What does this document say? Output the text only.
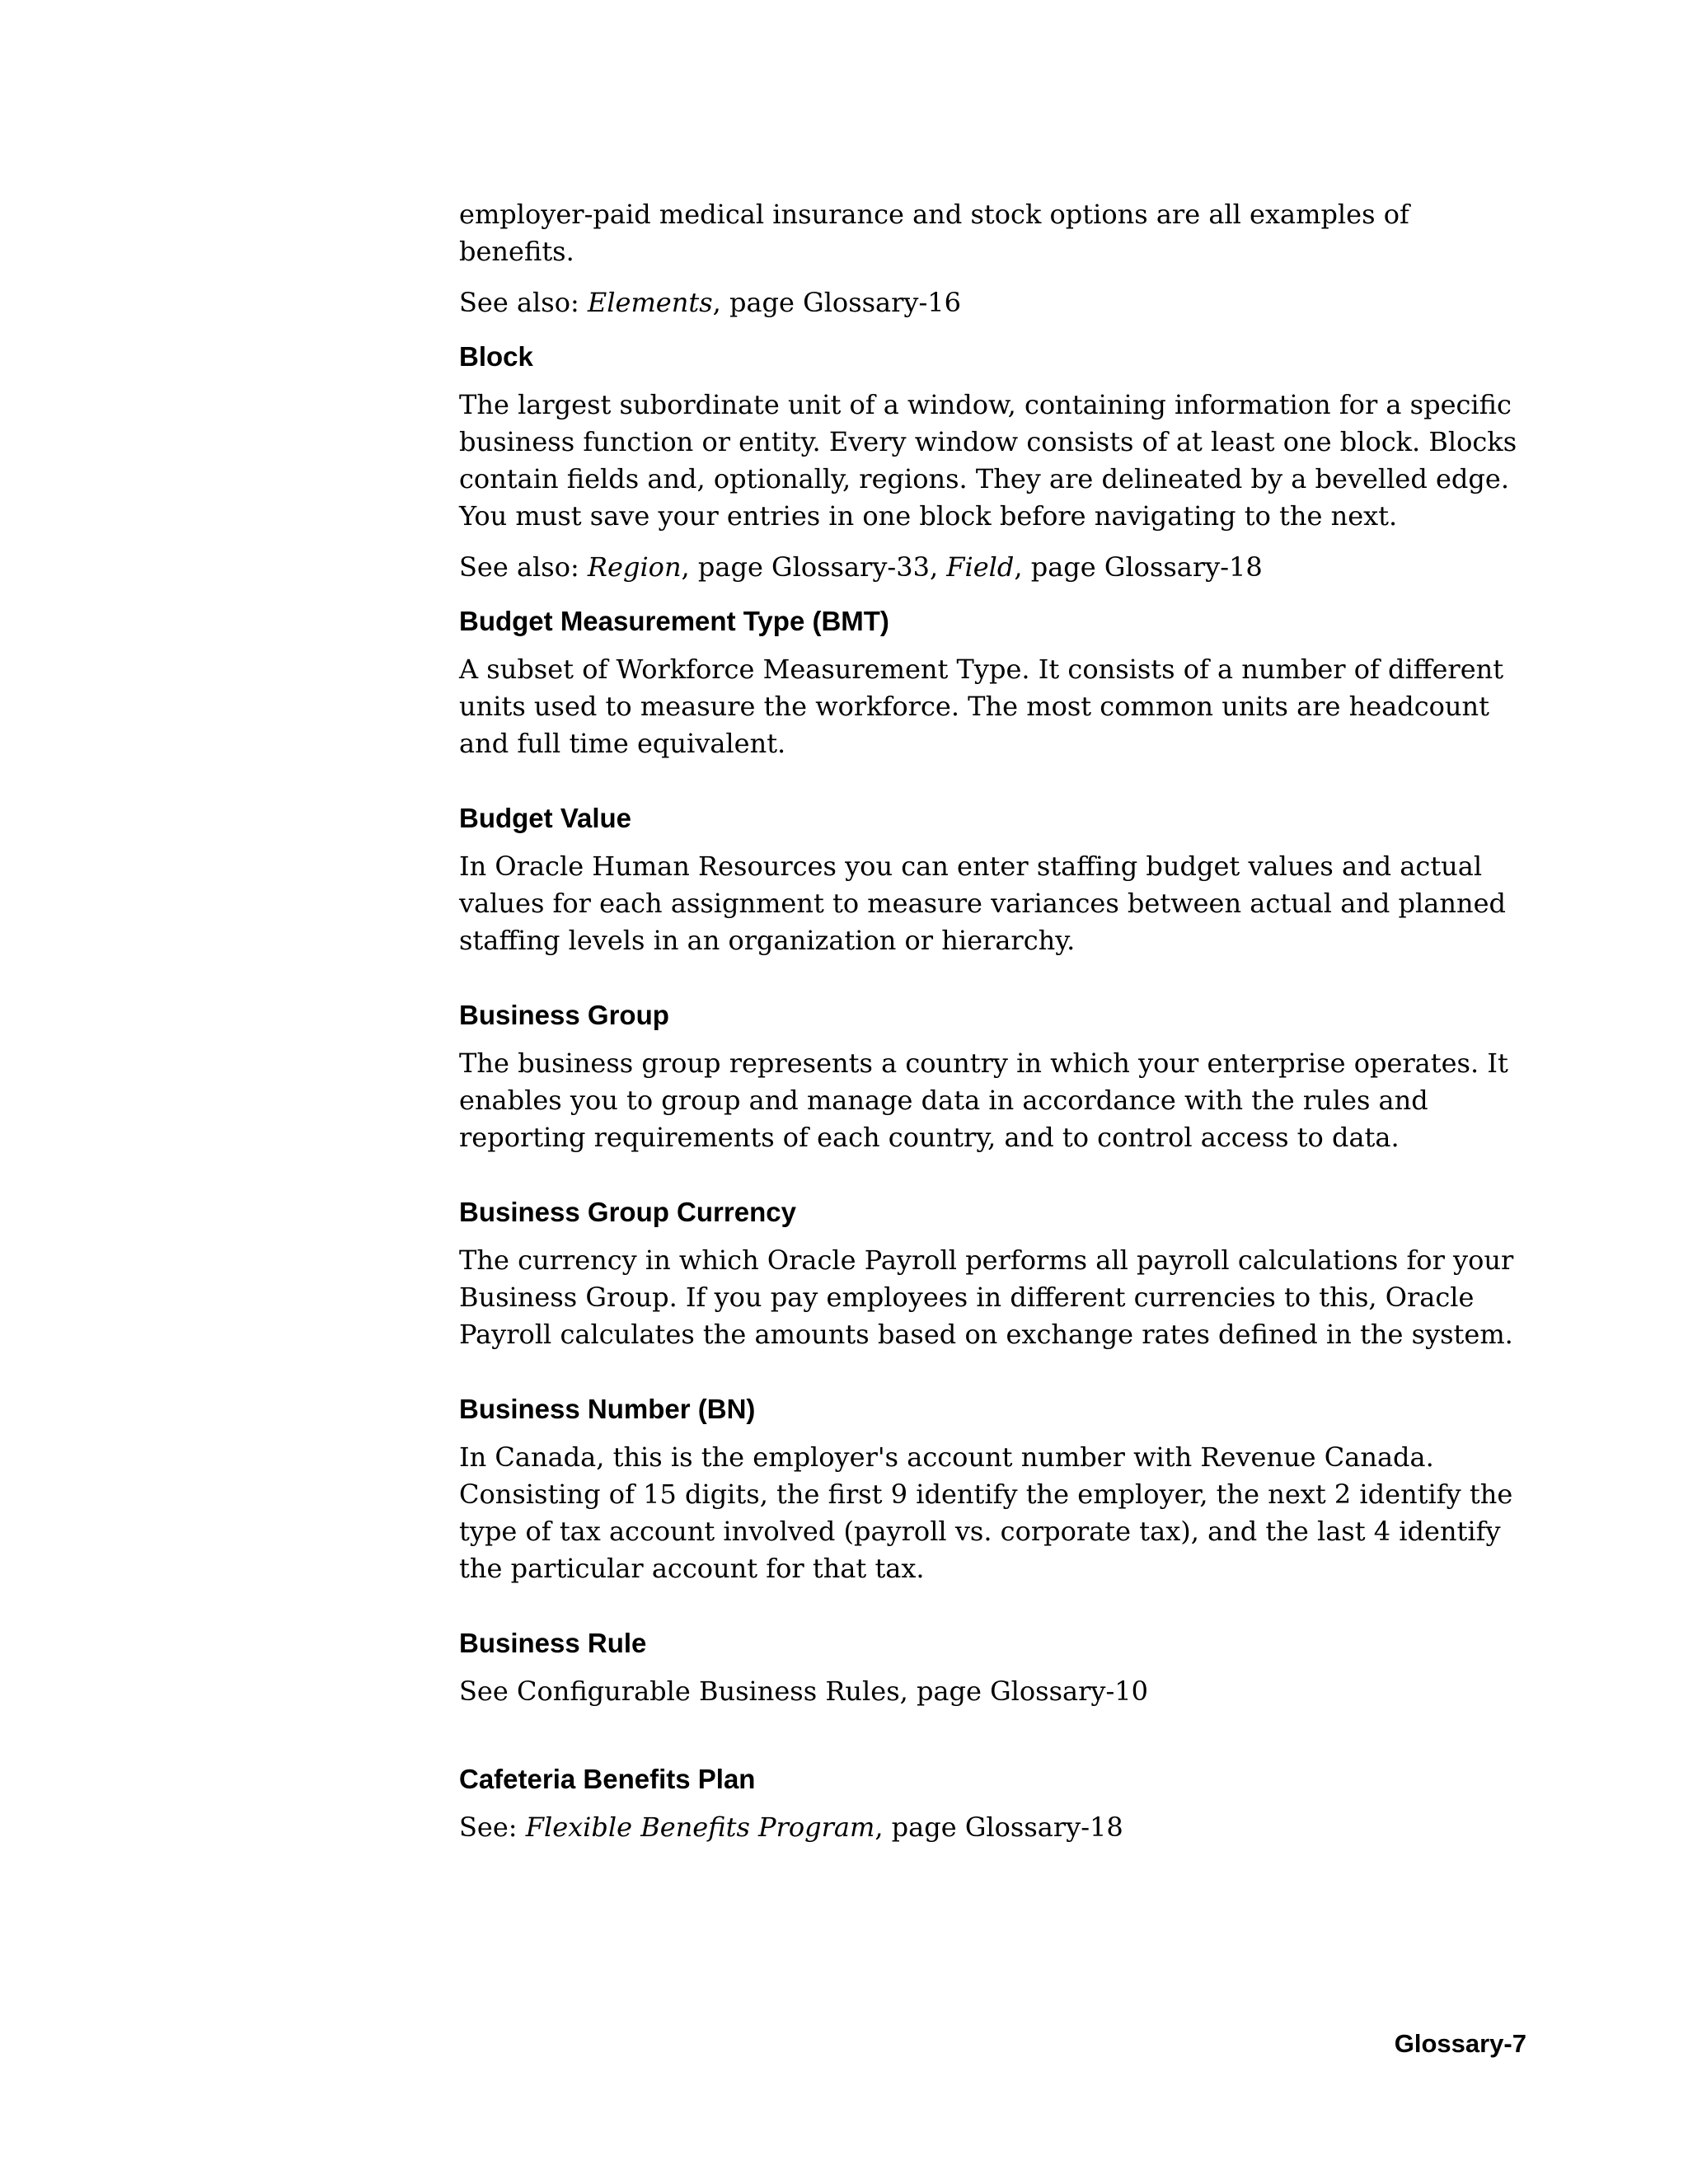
employer-paid medical insurance and stock options are all examples of benefits.

See also: Elements, page Glossary-16

Block

The largest subordinate unit of a window, containing information for a specific business function or entity. Every window consists of at least one block. Blocks contain fields and, optionally, regions. They are delineated by a bevelled edge. You must save your entries in one block before navigating to the next.

See also: Region, page Glossary-33, Field, page Glossary-18

Budget Measurement Type (BMT)

A subset of Workforce Measurement Type. It consists of a number of different units used to measure the workforce. The most common units are headcount and full time equivalent.

Budget Value

In Oracle Human Resources you can enter staffing budget values and actual values for each assignment to measure variances between actual and planned staffing levels in an organization or hierarchy.

Business Group

The business group represents a country in which your enterprise operates. It enables you to group and manage data in accordance with the rules and reporting requirements of each country, and to control access to data.

Business Group Currency

The currency in which Oracle Payroll performs all payroll calculations for your Business Group. If you pay employees in different currencies to this, Oracle Payroll calculates the amounts based on exchange rates defined in the system.

Business Number (BN)

In Canada, this is the employer's account number with Revenue Canada. Consisting of 15 digits, the first 9 identify the employer, the next 2 identify the type of tax account involved (payroll vs. corporate tax), and the last 4 identify the particular account for that tax.

Business Rule

See Configurable Business Rules, page Glossary-10

Cafeteria Benefits Plan

See: Flexible Benefits Program, page Glossary-18

Glossary-7
